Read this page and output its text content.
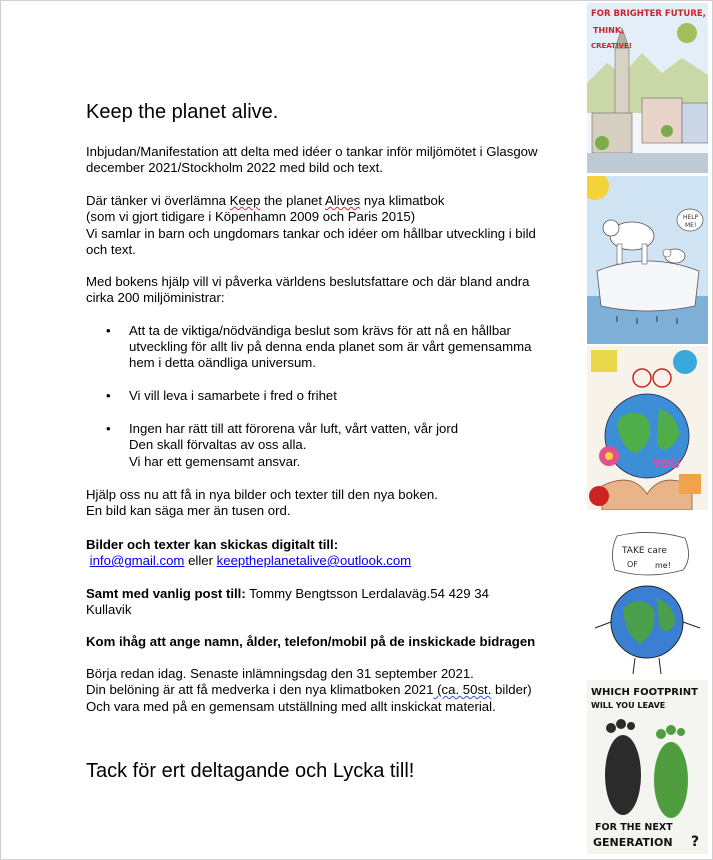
Keep the planet alive.
Inbjudan/Manifestation att delta med idéer o tankar inför miljömötet i Glasgow
december 2021/Stockholm 2022 med bild och text.
Där tänker vi överlämna Keep the planet Alives nya klimatbok
(som vi gjort tidigare i Köpenhamn 2009 och Paris 2015)
Vi samlar in barn och ungdomars tankar och idéer om hållbar utveckling i bild
och text.
Med bokens hjälp vill vi påverka världens beslutsfattare och där bland andra
cirka 200 miljöministrar:
• Att ta de viktiga/nödvändiga beslut som krävs för att nå en hållbar
utveckling för allt liv på denna enda planet som är vårt gemensamma
hem i detta oändliga universum.
• Vi vill leva i samarbete i fred o frihet
• Ingen har rätt till att förorena vår luft, vårt vatten, vår jord
Den skall förvaltas av oss alla.
Vi har ett gemensamt ansvar.
Hjälp oss nu att få in nya bilder och texter till den nya boken.
En bild kan säga mer än tusen ord.
Bilder och texter kan skickas digitalt till:
info@gmail.com eller keeptheplanetalive@outlook.com
Samt med vanlig post till: Tommy Bengtsson Lerdalaväg.54 429 34
Kullavik
Kom ihåg att ange namn, ålder, telefon/mobil på de inskickade bidragen
Börja redan idag. Senaste inlämningsdag den 31 september 2021.
Din belöning är att få medverka i den nya klimatboken 2021 (ca. 50st. bilder)
Och vara med på en gemensam utställning med allt inskickat material.
Tack för ert deltagande och Lycka till!
FOR BRIGHTER FUTURE,
THINK,
CREATIVE!
HELP
ME!
YOU
TAKE care
OF me!
WHICH FOOTPRINT
WILL YOU LEAVE
FOR THE NEXT
GENERATION ?
